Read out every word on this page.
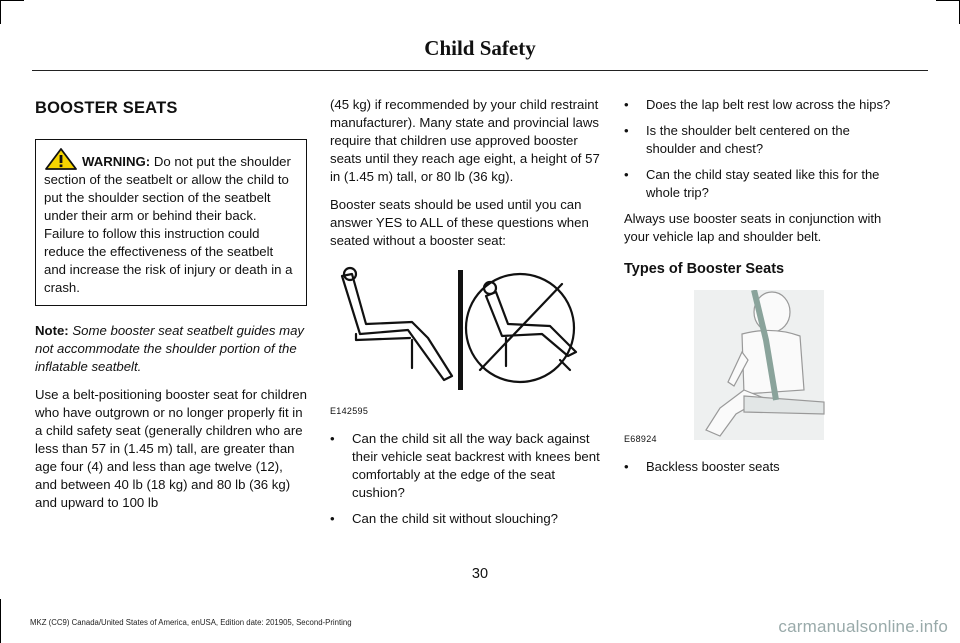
Child Safety
BOOSTER SEATS
WARNING: Do not put the shoulder section of the seatbelt or allow the child to put the shoulder section of the seatbelt under their arm or behind their back. Failure to follow this instruction could reduce the effectiveness of the seatbelt and increase the risk of injury or death in a crash.

Note: Some booster seat seatbelt guides may not accommodate the shoulder portion of the inflatable seatbelt.

Use a belt-positioning booster seat for children who have outgrown or no longer properly fit in a child safety seat (generally children who are less than 57 in (1.45 m) tall, are greater than age four (4) and less than age twelve (12), and between 40 lb (18 kg) and 80 lb (36 kg) and upward to 100 lb

(45 kg) if recommended by your child restraint manufacturer). Many state and provincial laws require that children use approved booster seats until they reach age eight, a height of 57 in (1.45 m) tall, or 80 lb (36 kg).

Booster seats should be used until you can answer YES to ALL of these questions when seated without a booster seat:

E142595
•	Can the child sit all the way back against their vehicle seat backrest with knees bent comfortably at the edge of the seat cushion?
•	Can the child sit without slouching?
•	Does the lap belt rest low across the hips?
•	Is the shoulder belt centered on the shoulder and chest?
•	Can the child stay seated like this for the whole trip?

Always use booster seats in conjunction with your vehicle lap and shoulder belt.

Types of Booster Seats
E68924
•	Backless booster seats
30
MKZ (CC9) Canada/United States of America, enUSA, Edition date: 201905, Second-Printing	carmanualsonline.info
